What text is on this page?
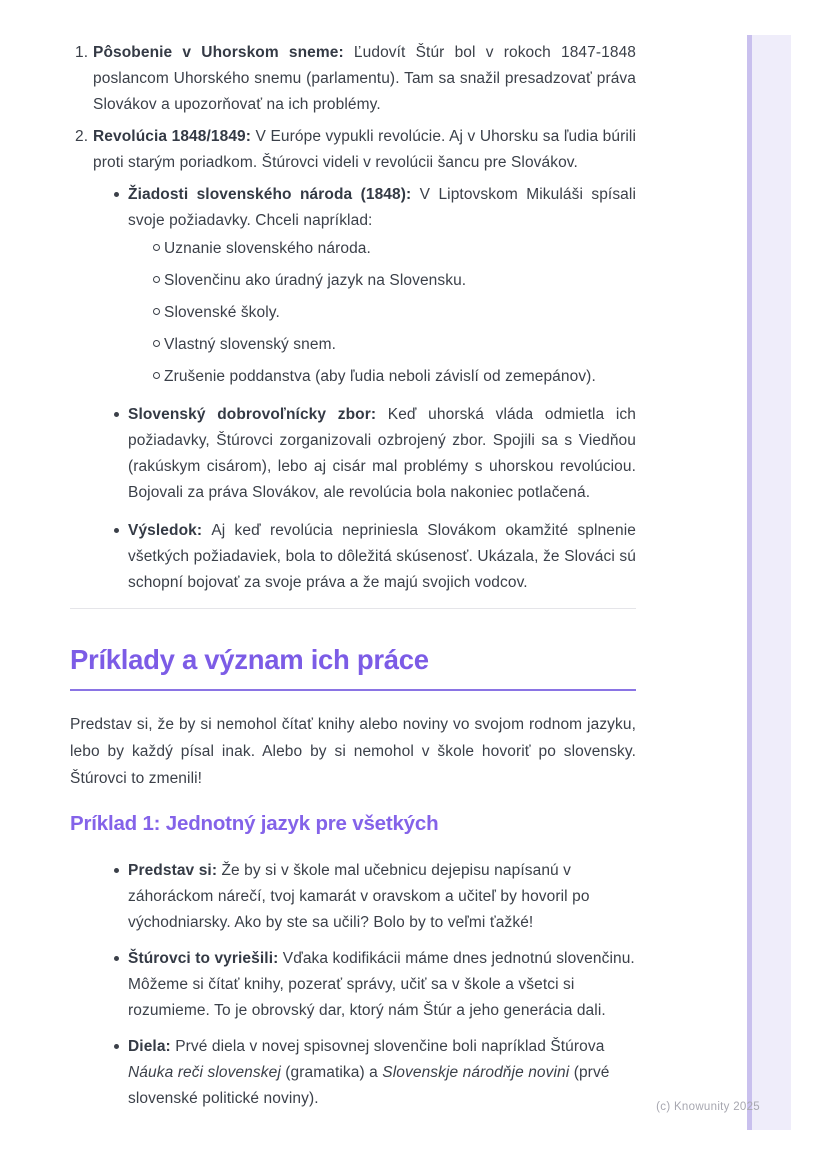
1. Pôsobenie v Uhorskom sneme: Ľudovít Štúr bol v rokoch 1847-1848 poslancom Uhorského snemu (parlamentu). Tam sa snažil presadzovať práva Slovákov a upozorňovať na ich problémy.
2. Revolúcia 1848/1849: V Európe vypukli revolúcie. Aj v Uhorsku sa ľudia búrili proti starým poriadkom. Štúrovci videli v revolúcii šancu pre Slovákov.
Žiadosti slovenského národa (1848): V Liptovskom Mikuláši spísali svoje požiadavky. Chceli napríklad:
Uznanie slovenského národa.
Slovenčinu ako úradný jazyk na Slovensku.
Slovenské školy.
Vlastný slovenský snem.
Zrušenie poddanstva (aby ľudia neboli závislí od zemepánov).
Slovenský dobrovoľnícky zbor: Keď uhorská vláda odmietla ich požiadavky, Štúrovci zorganizovali ozbrojený zbor. Spojili sa s Viedňou (rakúskym cisárom), lebo aj cisár mal problémy s uhorskou revolúciou. Bojovali za práva Slovákov, ale revolúcia bola nakoniec potlačená.
Výsledok: Aj keď revolúcia nepriniesla Slovákom okamžité splnenie všetkých požiadaviek, bola to dôležitá skúsenosť. Ukázala, že Slováci sú schopní bojovať za svoje práva a že majú svojich vodcov.
Príklady a význam ich práce

Predstav si, že by si nemohol čítať knihy alebo noviny vo svojom rodnom jazyku, lebo by každý písal inak. Alebo by si nemohol v škole hovoriť po slovensky. Štúrovci to zmenili!

Príklad 1: Jednotný jazyk pre všetkých
Predstav si: Že by si v škole mal učebnicu dejepisu napísanú v záhoráckom nárečí, tvoj kamarát v oravskom a učiteľ by hovoril po východniarsky. Ako by ste sa učili? Bolo by to veľmi ťažké!
Štúrovci to vyriešili: Vďaka kodifikácii máme dnes jednotnú slovenčinu. Môžeme si čítať knihy, pozerať správy, učiť sa v škole a všetci si rozumieme. To je obrovský dar, ktorý nám Štúr a jeho generácia dali.
Diela: Prvé diela v novej spisovnej slovenčine boli napríklad Štúrova Náuka reči slovenskej (gramatika) a Slovenskje národňje novini (prvé slovenské politické noviny).	(c) Knowunity 2025
